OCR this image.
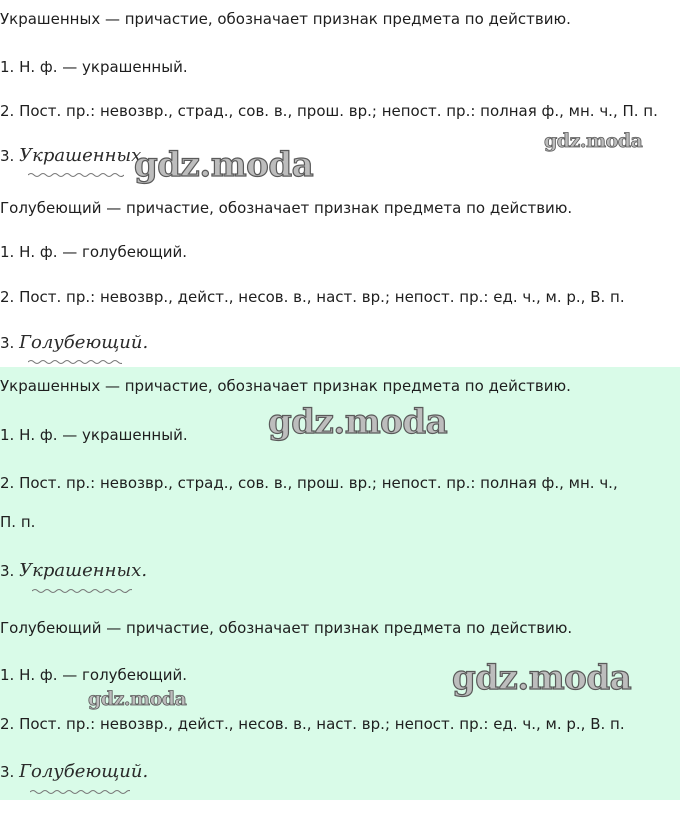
Украшенных — причастие, обозначает признак предмета по действию.
1. Н. ф. — украшенный.
2. Пост. пр.: невозвр., страд., сов. в., прош. вр.; непост. пр.: полная ф., мн. ч., П. п.
3. Украшенных.
Голубеющий — причастие, обозначает признак предмета по действию.
1. Н. ф. — голубеющий.
2. Пост. пр.: невозвр., дейст., несов. в., наст. вр.; непост. пр.: ед. ч., м. р., В. п.
3. Голубеющий.
Украшенных — причастие, обозначает признак предмета по действию.
1. Н. ф. — украшенный.
2. Пост. пр.: невозвр., страд., сов. в., прош. вр.; непост. пр.: полная ф., мн. ч.,
П. п.
3. Украшенных.
Голубеющий — причастие, обозначает признак предмета по действию.
1. Н. ф. — голубеющий.
2. Пост. пр.: невозвр., дейст., несов. в., наст. вр.; непост. пр.: ед. ч., м. р., В. п.
3. Голубеющий.
gdz.moda
gdz.moda
gdz.moda
gdz.moda
gdz.moda
